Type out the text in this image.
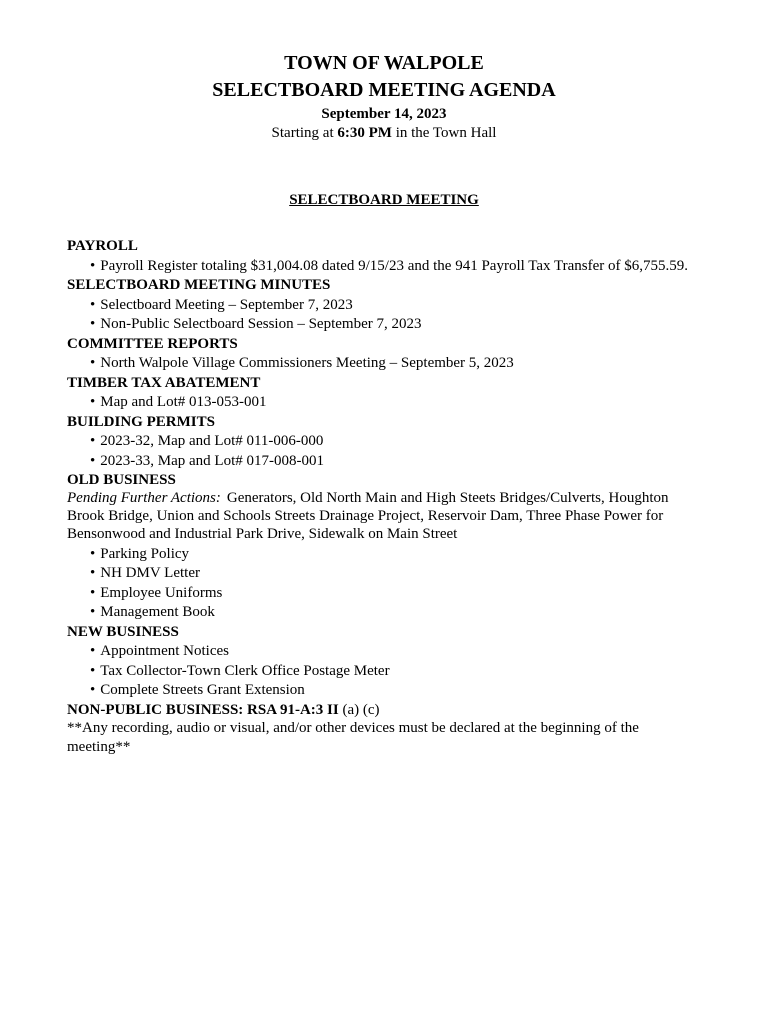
TOWN OF WALPOLE
SELECTBOARD MEETING AGENDA
September 14, 2023
Starting at 6:30 PM in the Town Hall
SELECTBOARD MEETING
PAYROLL
• Payroll Register totaling $31,004.08 dated 9/15/23 and the 941 Payroll Tax Transfer of $6,755.59.
SELECTBOARD MEETING MINUTES
• Selectboard Meeting – September 7, 2023
• Non-Public Selectboard Session – September 7, 2023
COMMITTEE REPORTS
• North Walpole Village Commissioners Meeting – September 5, 2023
TIMBER TAX ABATEMENT
• Map and Lot# 013-053-001
BUILDING PERMITS
• 2023-32, Map and Lot# 011-006-000
• 2023-33, Map and Lot# 017-008-001
OLD BUSINESS

Pending Further Actions: Generators, Old North Main and High Steets Bridges/Culverts, Houghton Brook Bridge, Union and Schools Streets Drainage Project, Reservoir Dam, Three Phase Power for Bensonwood and Industrial Park Drive, Sidewalk on Main Street

• Parking Policy
• NH DMV Letter
• Employee Uniforms
• Management Book
NEW BUSINESS
• Appointment Notices
• Tax Collector-Town Clerk Office Postage Meter
• Complete Streets Grant Extension

NON-PUBLIC BUSINESS: RSA 91-A:3 II (a) (c)

**Any recording, audio or visual, and/or other devices must be declared at the beginning of the meeting**
